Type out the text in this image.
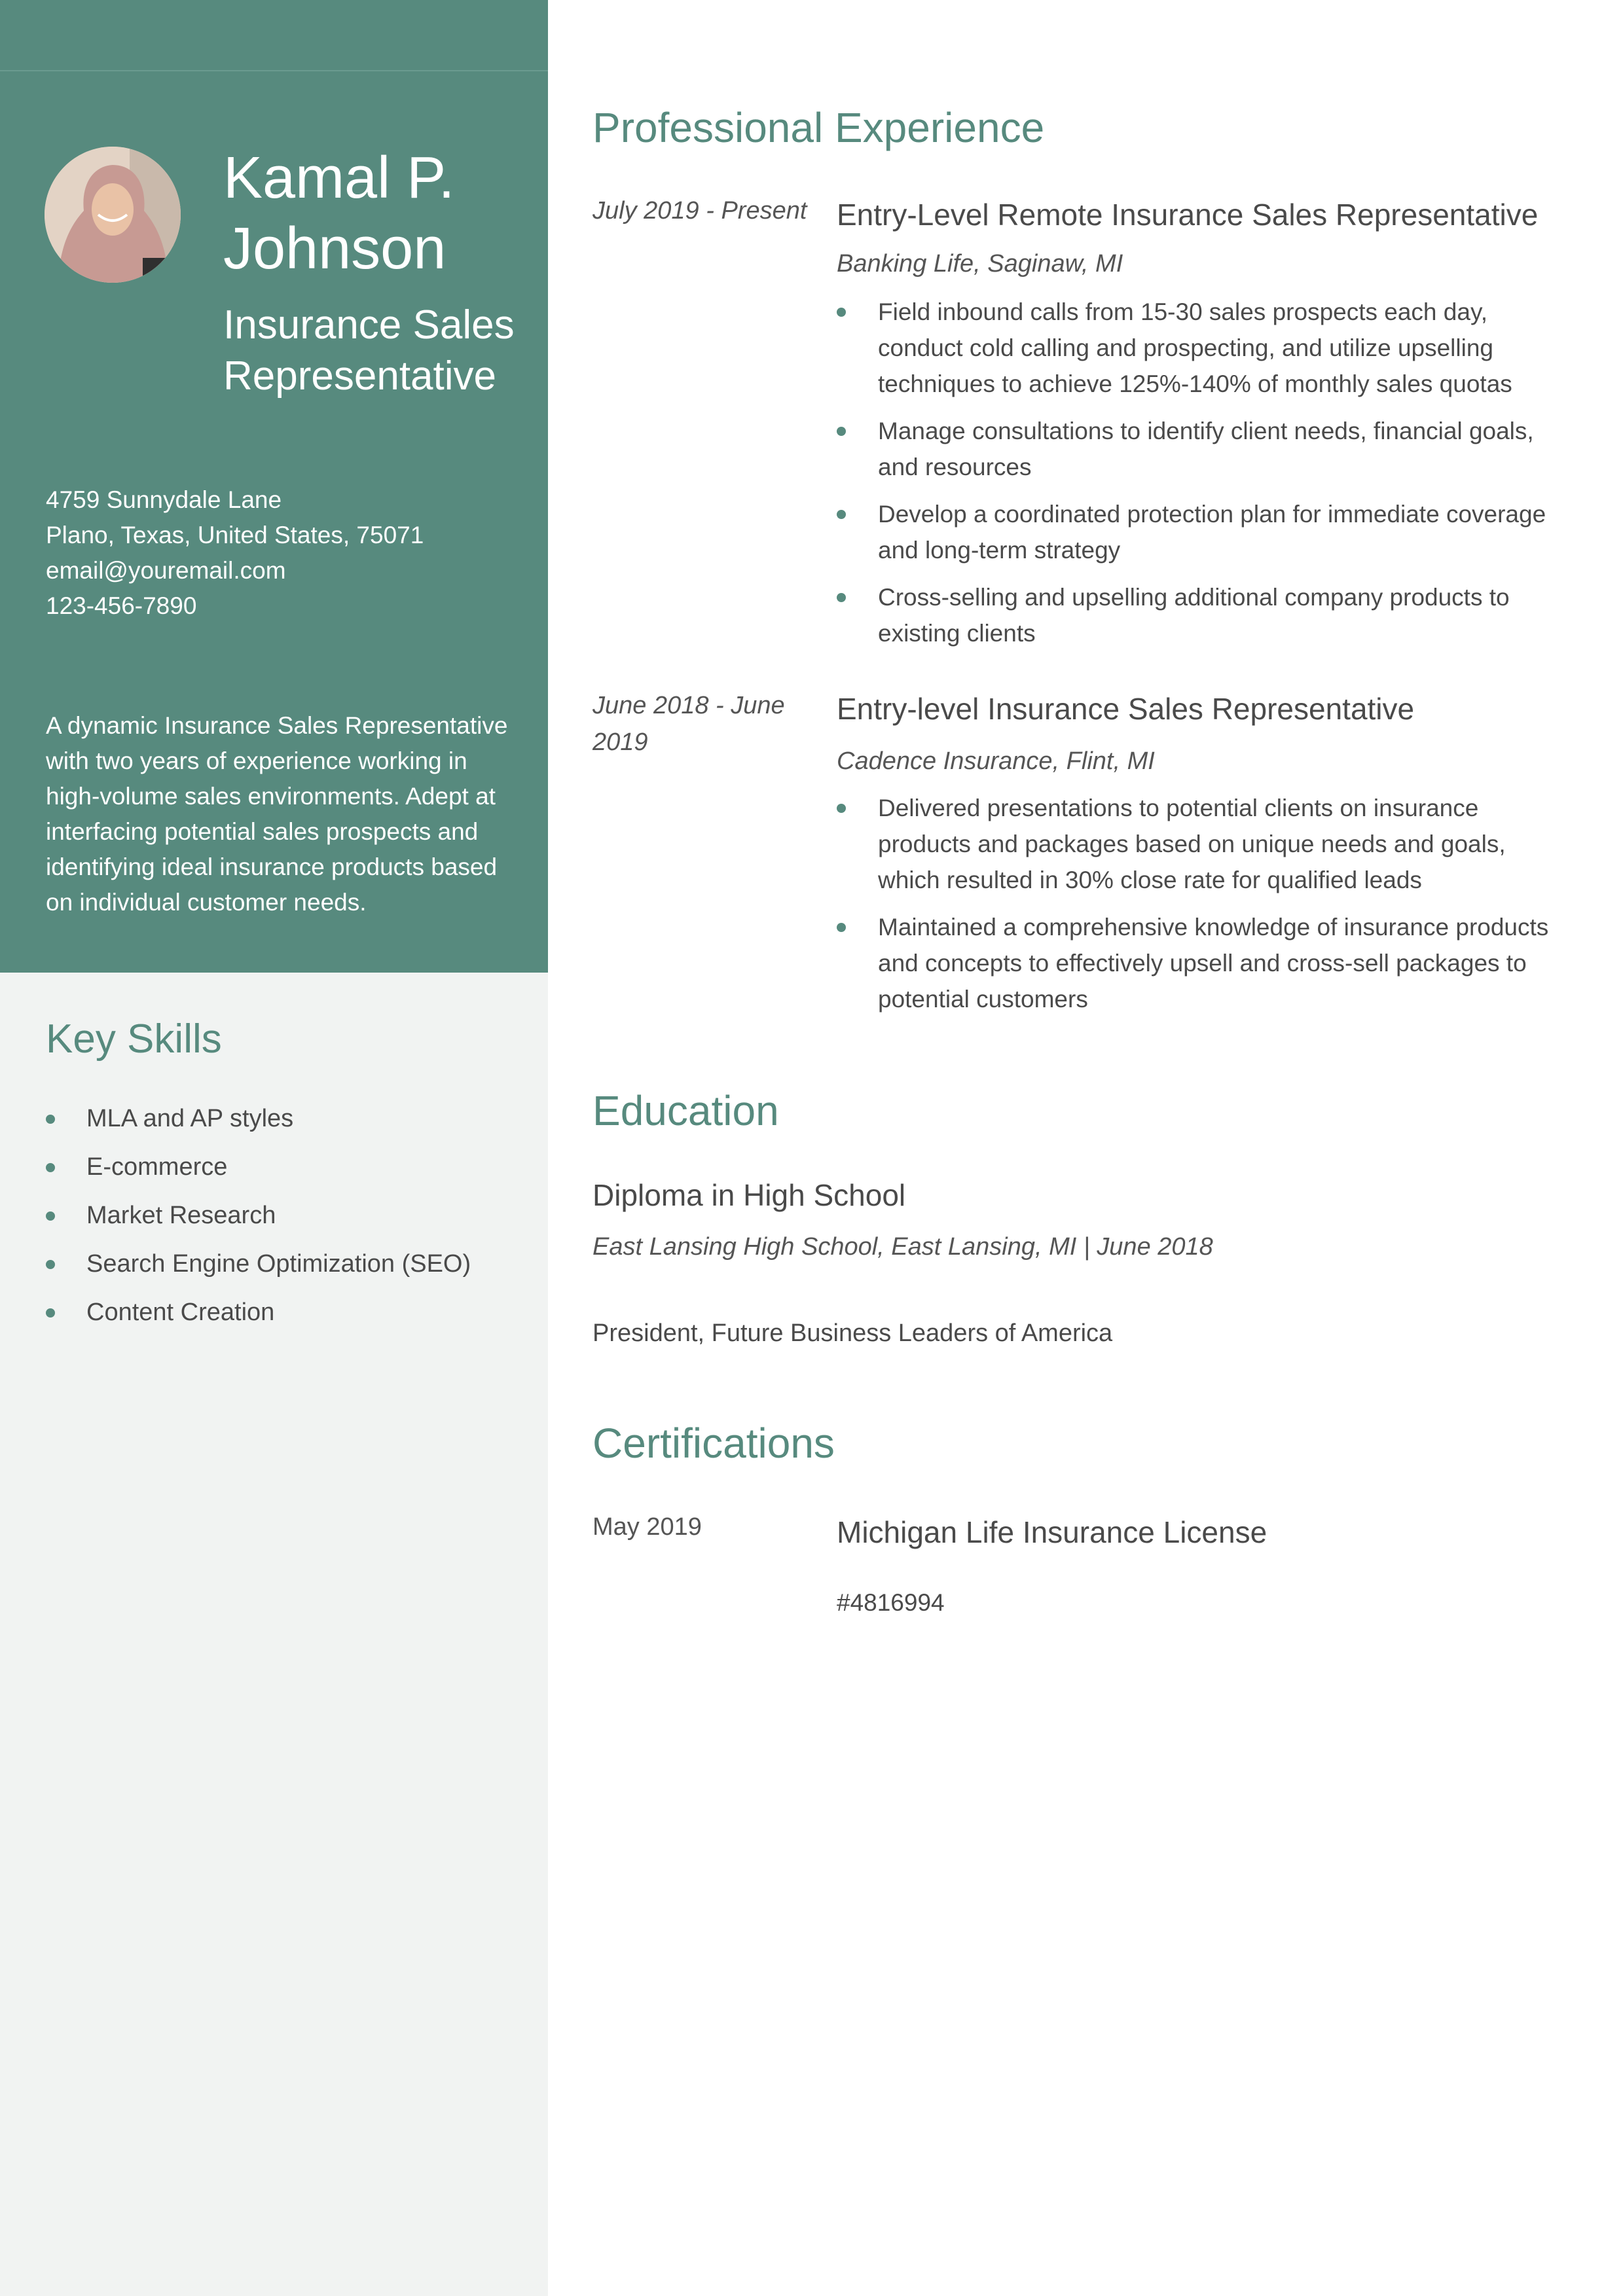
Kamal P. Johnson
Insurance Sales Representative
4759 Sunnydale Lane
Plano, Texas, United States, 75071
email@youremail.com
123-456-7890
A dynamic Insurance Sales Representative with two years of experience working in high-volume sales environments. Adept at interfacing potential sales prospects and identifying ideal insurance products based on individual customer needs.
Key Skills
MLA and AP styles
E-commerce
Market Research
Search Engine Optimization (SEO)
Content Creation
Professional Experience
July 2019 - Present Entry-Level Remote Insurance Sales Representative
Banking Life, Saginaw, MI
Field inbound calls from 15-30 sales prospects each day, conduct cold calling and prospecting, and utilize upselling techniques to achieve 125%-140% of monthly sales quotas
Manage consultations to identify client needs, financial goals, and resources
Develop a coordinated protection plan for immediate coverage and long-term strategy
Cross-selling and upselling additional company products to existing clients
June 2018 - June 2019
Entry-level Insurance Sales Representative
Cadence Insurance, Flint, MI
Delivered presentations to potential clients on insurance products and packages based on unique needs and goals, which resulted in 30% close rate for qualified leads
Maintained a comprehensive knowledge of insurance products and concepts to effectively upsell and cross-sell packages to potential customers
Education
Diploma in High School
East Lansing High School, East Lansing, MI | June 2018
President, Future Business Leaders of America
Certifications
May 2019	Michigan Life Insurance License
#4816994
